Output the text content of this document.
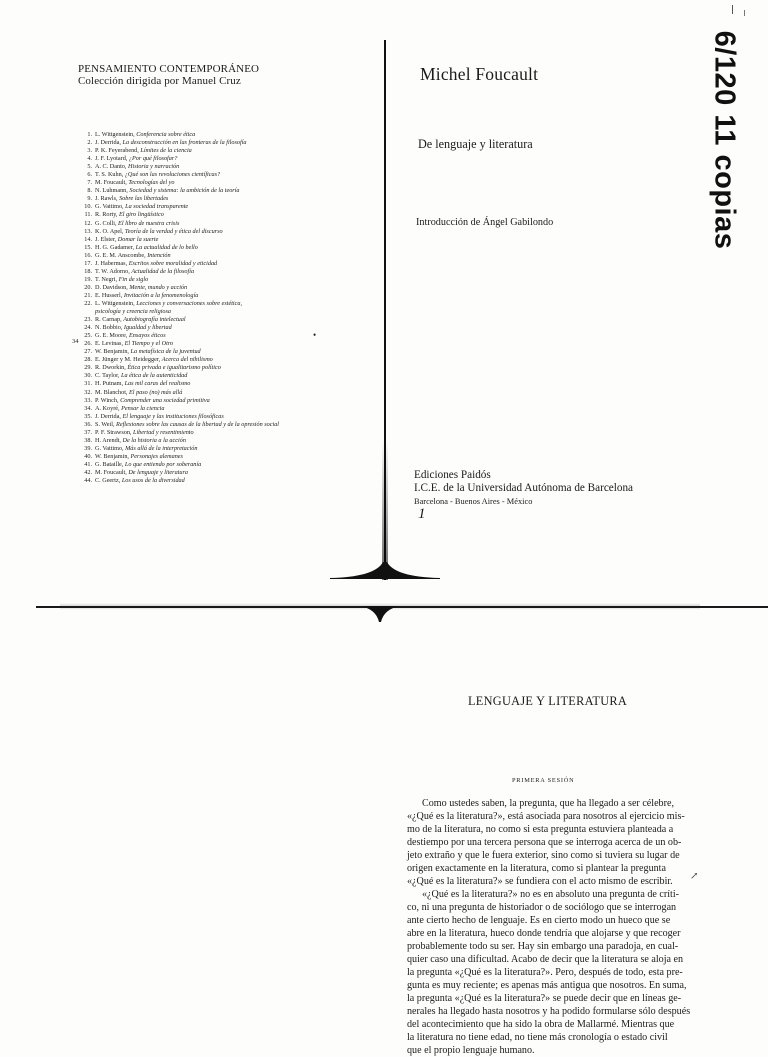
PENSAMIENTO CONTEMPORÁNEO
Colección dirigida por Manuel Cruz
1. L. Wittgenstein, Conferencia sobre ética
2. J. Derrida, La desconstrucción en las fronteras de la filosofía
3. P. K. Feyerabend, Límites de la ciencia
4. J. F. Lyotard, ¿Por qué filosofar?
5. A. C. Danto, Historia y narración
6. T. S. Kuhn, ¿Qué son las revoluciones científicas?
7. M. Foucault, Tecnologías del yo
8. N. Luhmann, Sociedad y sistema: la ambición de la teoría
9. J. Rawls, Sobre las libertades
10. G. Vattimo, La sociedad transparente
11. R. Rorty, El giro lingüístico
12. G. Colli, El libro de nuestra crisis
13. K. O. Apel, Teoría de la verdad y ética del discurso
14. J. Elster, Domar la suerte
15. H. G. Gadamer, La actualidad de lo bello
16. G. E. M. Anscombe, Intención
17. J. Habermas, Escritos sobre moralidad y eticidad
18. T. W. Adorno, Actualidad de la filosofía
19. T. Negri, Fin de siglo
20. D. Davidson, Mente, mundo y acción
21. E. Husserl, Invitación a la fenomenología
22. L. Wittgenstein, Lecciones y conversaciones sobre estética,
psicología y creencia religiosa
23. R. Carnap, Autobiografía intelectual
24. N. Bobbio, Igualdad y libertad
25. G. E. Moore, Ensayos éticos
26. E. Levinas, El Tiempo y el Otro
27. W. Benjamin, La metafísica de la juventud
28. E. Jünger y M. Heidegger, Acerca del nihilismo
29. R. Dworkin, Ética privada e igualitarismo político
30. C. Taylor, La ética de la autenticidad
31. H. Putnam, Las mil caras del realismo
32. M. Blanchot, El paso (no) más allá
33. P. Winch, Comprender una sociedad primitiva
34. A. Koyré, Pensar la ciencia
35. J. Derrida, El lenguaje y las instituciones filosóficas
36. S. Weil, Reflexiones sobre las causas de la libertad y de la opresión social
37. P. F. Strawson, Libertad y resentimiento
38. H. Arendt, De la historia a la acción
39. G. Vattimo, Más allá de la interpretación
40. W. Benjamin, Personajes alemanes
41. G. Bataille, Lo que entiendo por soberanía
42. M. Foucault, De lenguaje y literatura
44. C. Geertz, Los usos de la diversidad
34
•
Michel Foucault
De lenguaje y literatura
Introducción de Ángel Gabilondo
Ediciones Paidós
I.C.E. de la Universidad Autónoma de Barcelona
Barcelona - Buenos Aires - México
1
6/120 11 copias
LENGUAJE Y LITERATURA
PRIMERA SESIÓN
Como ustedes saben, la pregunta, que ha llegado a ser célebre,
«¿Qué es la literatura?», está asociada para nosotros al ejercicio mis-
mo de la literatura, no como si esta pregunta estuviera planteada a
destiempo por una tercera persona que se interroga acerca de un ob-
jeto extraño y que le fuera exterior, sino como si tuviera su lugar de
origen exactamente en la literatura, como si plantear la pregunta
«¿Qué es la literatura?» se fundiera con el acto mismo de escribir.
«¿Qué es la literatura?» no es en absoluto una pregunta de críti-
co, ni una pregunta de historiador o de sociólogo que se interrogan
ante cierto hecho de lenguaje. Es en cierto modo un hueco que se
abre en la literatura, hueco donde tendría que alojarse y que recoger
probablemente todo su ser. Hay sin embargo una paradoja, en cual-
quier caso una dificultad. Acabo de decir que la literatura se aloja en
la pregunta «¿Qué es la literatura?». Pero, después de todo, esta pre-
gunta es muy reciente; es apenas más antigua que nosotros. En suma,
la pregunta «¿Qué es la literatura?» se puede decir que en líneas ge-
nerales ha llegado hasta nosotros y ha podido formularse sólo después
del acontecimiento que ha sido la obra de Mallarmé. Mientras que
la literatura no tiene edad, no tiene más cronología o estado civil
que el propio lenguaje humano.
↗
